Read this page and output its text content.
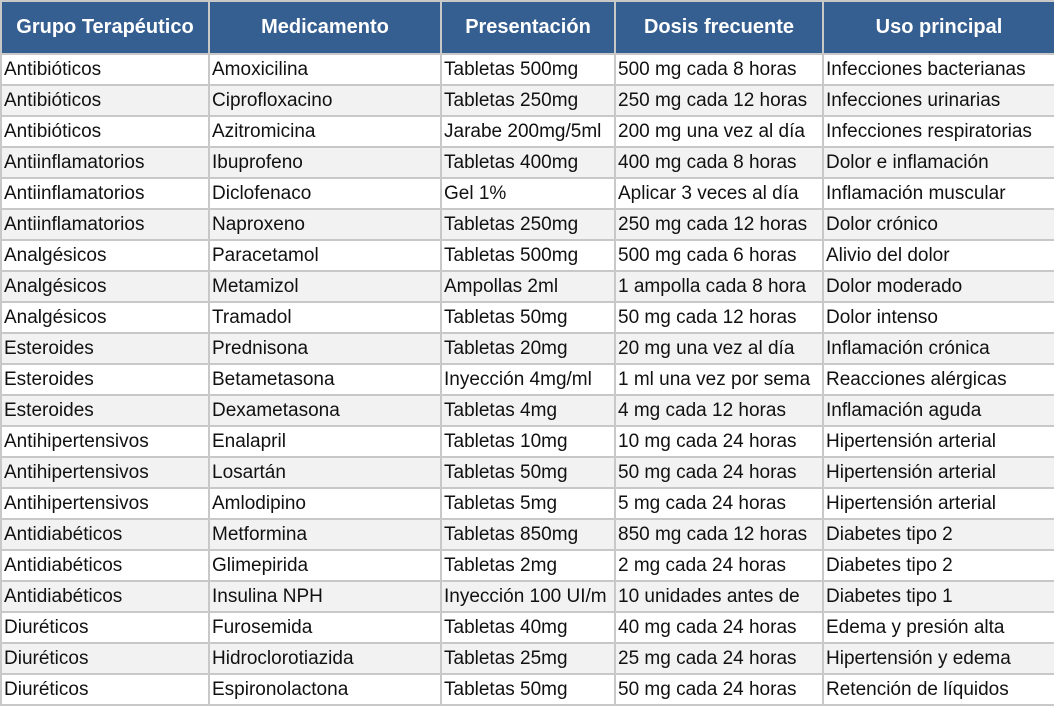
Grupo Terapéutico	Medicamento	Presentación	Dosis frecuente	Uso principal
Antibióticos	Amoxicilina	Tabletas 500mg	500 mg cada 8 horas	Infecciones bacterianas
Antibióticos	Ciprofloxacino	Tabletas 250mg	250 mg cada 12 horas	Infecciones urinarias
Antibióticos	Azitromicina	Jarabe 200mg/5ml	200 mg una vez al día	Infecciones respiratorias
Antiinflamatorios	Ibuprofeno	Tabletas 400mg	400 mg cada 8 horas	Dolor e inflamación
Antiinflamatorios	Diclofenaco	Gel 1%	Aplicar 3 veces al día	Inflamación muscular
Antiinflamatorios	Naproxeno	Tabletas 250mg	250 mg cada 12 horas	Dolor crónico
Analgésicos	Paracetamol	Tabletas 500mg	500 mg cada 6 horas	Alivio del dolor
Analgésicos	Metamizol	Ampollas 2ml	1 ampolla cada 8 hora	Dolor moderado
Analgésicos	Tramadol	Tabletas 50mg	50 mg cada 12 horas	Dolor intenso
Esteroides	Prednisona	Tabletas 20mg	20 mg una vez al día	Inflamación crónica
Esteroides	Betametasona	Inyección 4mg/ml	1 ml una vez por sema	Reacciones alérgicas
Esteroides	Dexametasona	Tabletas 4mg	4 mg cada 12 horas	Inflamación aguda
Antihipertensivos	Enalapril	Tabletas 10mg	10 mg cada 24 horas	Hipertensión arterial
Antihipertensivos	Losartán	Tabletas 50mg	50 mg cada 24 horas	Hipertensión arterial
Antihipertensivos	Amlodipino	Tabletas 5mg	5 mg cada 24 horas	Hipertensión arterial
Antidiabéticos	Metformina	Tabletas 850mg	850 mg cada 12 horas	Diabetes tipo 2
Antidiabéticos	Glimepirida	Tabletas 2mg	2 mg cada 24 horas	Diabetes tipo 2
Antidiabéticos	Insulina NPH	Inyección 100 UI/m	10 unidades antes de	Diabetes tipo 1
Diuréticos	Furosemida	Tabletas 40mg	40 mg cada 24 horas	Edema y presión alta
Diuréticos	Hidroclorotiazida	Tabletas 25mg	25 mg cada 24 horas	Hipertensión y edema
Diuréticos	Espironolactona	Tabletas 50mg	50 mg cada 24 horas	Retención de líquidos
